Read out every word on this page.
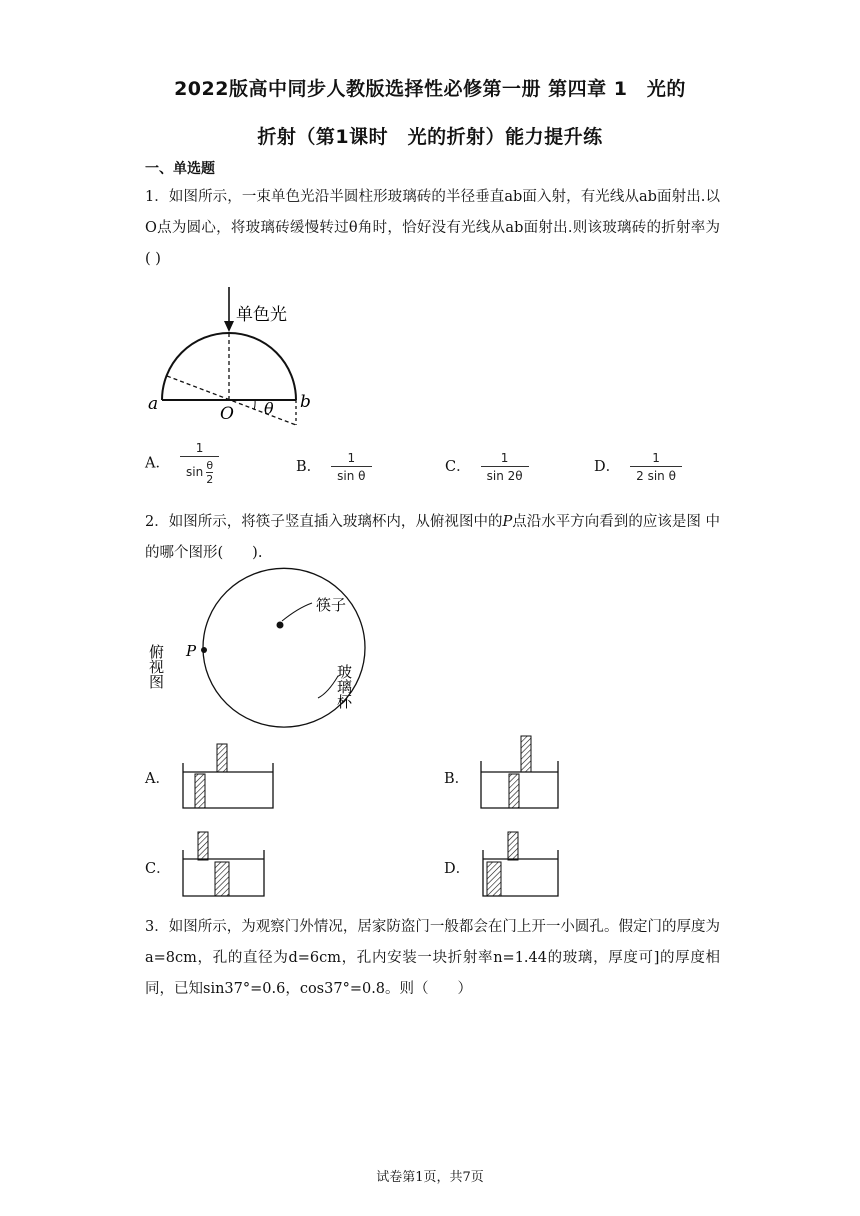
2022版高中同步人教版选择性必修第一册 第四章 1　光的
折射（第1课时　光的折射）能力提升练
一、单选题
1．如图所示，一束单色光沿半圆柱形玻璃砖的半径垂直ab面入射，有光线从ab面射出.以O点为圆心，将玻璃砖缓慢转过θ角时，恰好没有光线从ab面射出.则该玻璃砖的折射率为 ( )
单色光
a	b
O θ
A． $\frac{1}{\sin \frac{\theta}{2}}$	B． $\frac{1}{\text{sin θ}}$	C． $\frac{1}{\sin 2\theta}$	D． $\frac{1}{\text{2 sin θ}}$
2．如图所示，将筷子竖直插入玻璃杯内，从俯视图中的P点沿水平方向看到的应该是图 中的哪个图形(　　).
筷子
P
俯视图	玻璃杯
A．	B．
C．	D．
3．如图所示，为观察门外情况，居家防盗门一般都会在门上开一小圆孔。假定门的厚度为a=8cm，孔的直径为d=6cm，孔内安装一块折射率n=1.44的玻璃，厚度可]的厚度相同，已知sin37°=0.6，cos37°=0.8。则（　　）
试卷第1页，共7页
